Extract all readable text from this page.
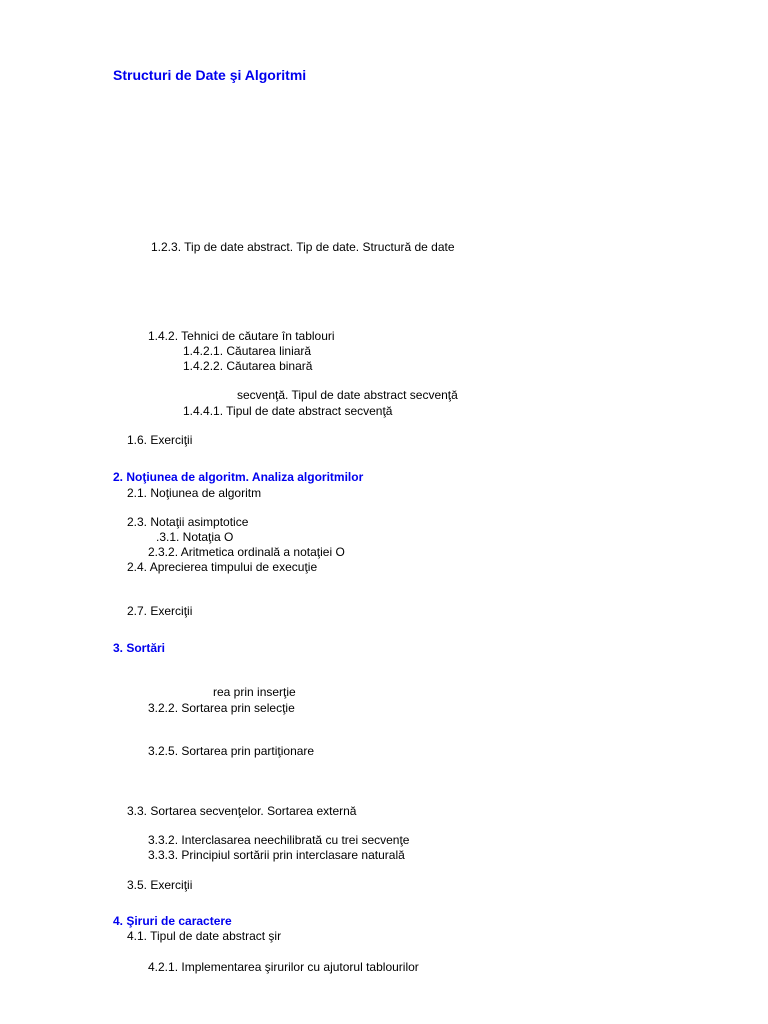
Structuri de Date şi Algoritmi
1.2.3. Tip de date abstract. Tip de date. Structură de date
1.4.2. Tehnici de căutare în tablouri
1.4.2.1. Căutarea liniară
1.4.2.2. Căutarea binară
secvenţă. Tipul de date abstract secvenţă
1.4.4.1. Tipul de date abstract secvenţă
1.6. Exerciţii
2. Noţiunea de algoritm. Analiza algoritmilor
2.1. Noţiunea de algoritm
2.3. Notaţii asimptotice
.3.1. Notaţia O
2.3.2. Aritmetica ordinală a notaţiei O
2.4. Aprecierea timpului de execuţie
2.7. Exerciţii
3. Sortări
rea prin inserţie
3.2.2. Sortarea prin selecţie
3.2.5. Sortarea prin partiţionare
3.3. Sortarea secvenţelor. Sortarea externă
3.3.2. Interclasarea neechilibrată cu trei secvenţe
3.3.3. Principiul sortării prin interclasare naturală
3.5. Exerciţii
4. Şiruri de caractere
4.1. Tipul de date abstract şir
4.2.1. Implementarea şirurilor cu ajutorul tablourilor
